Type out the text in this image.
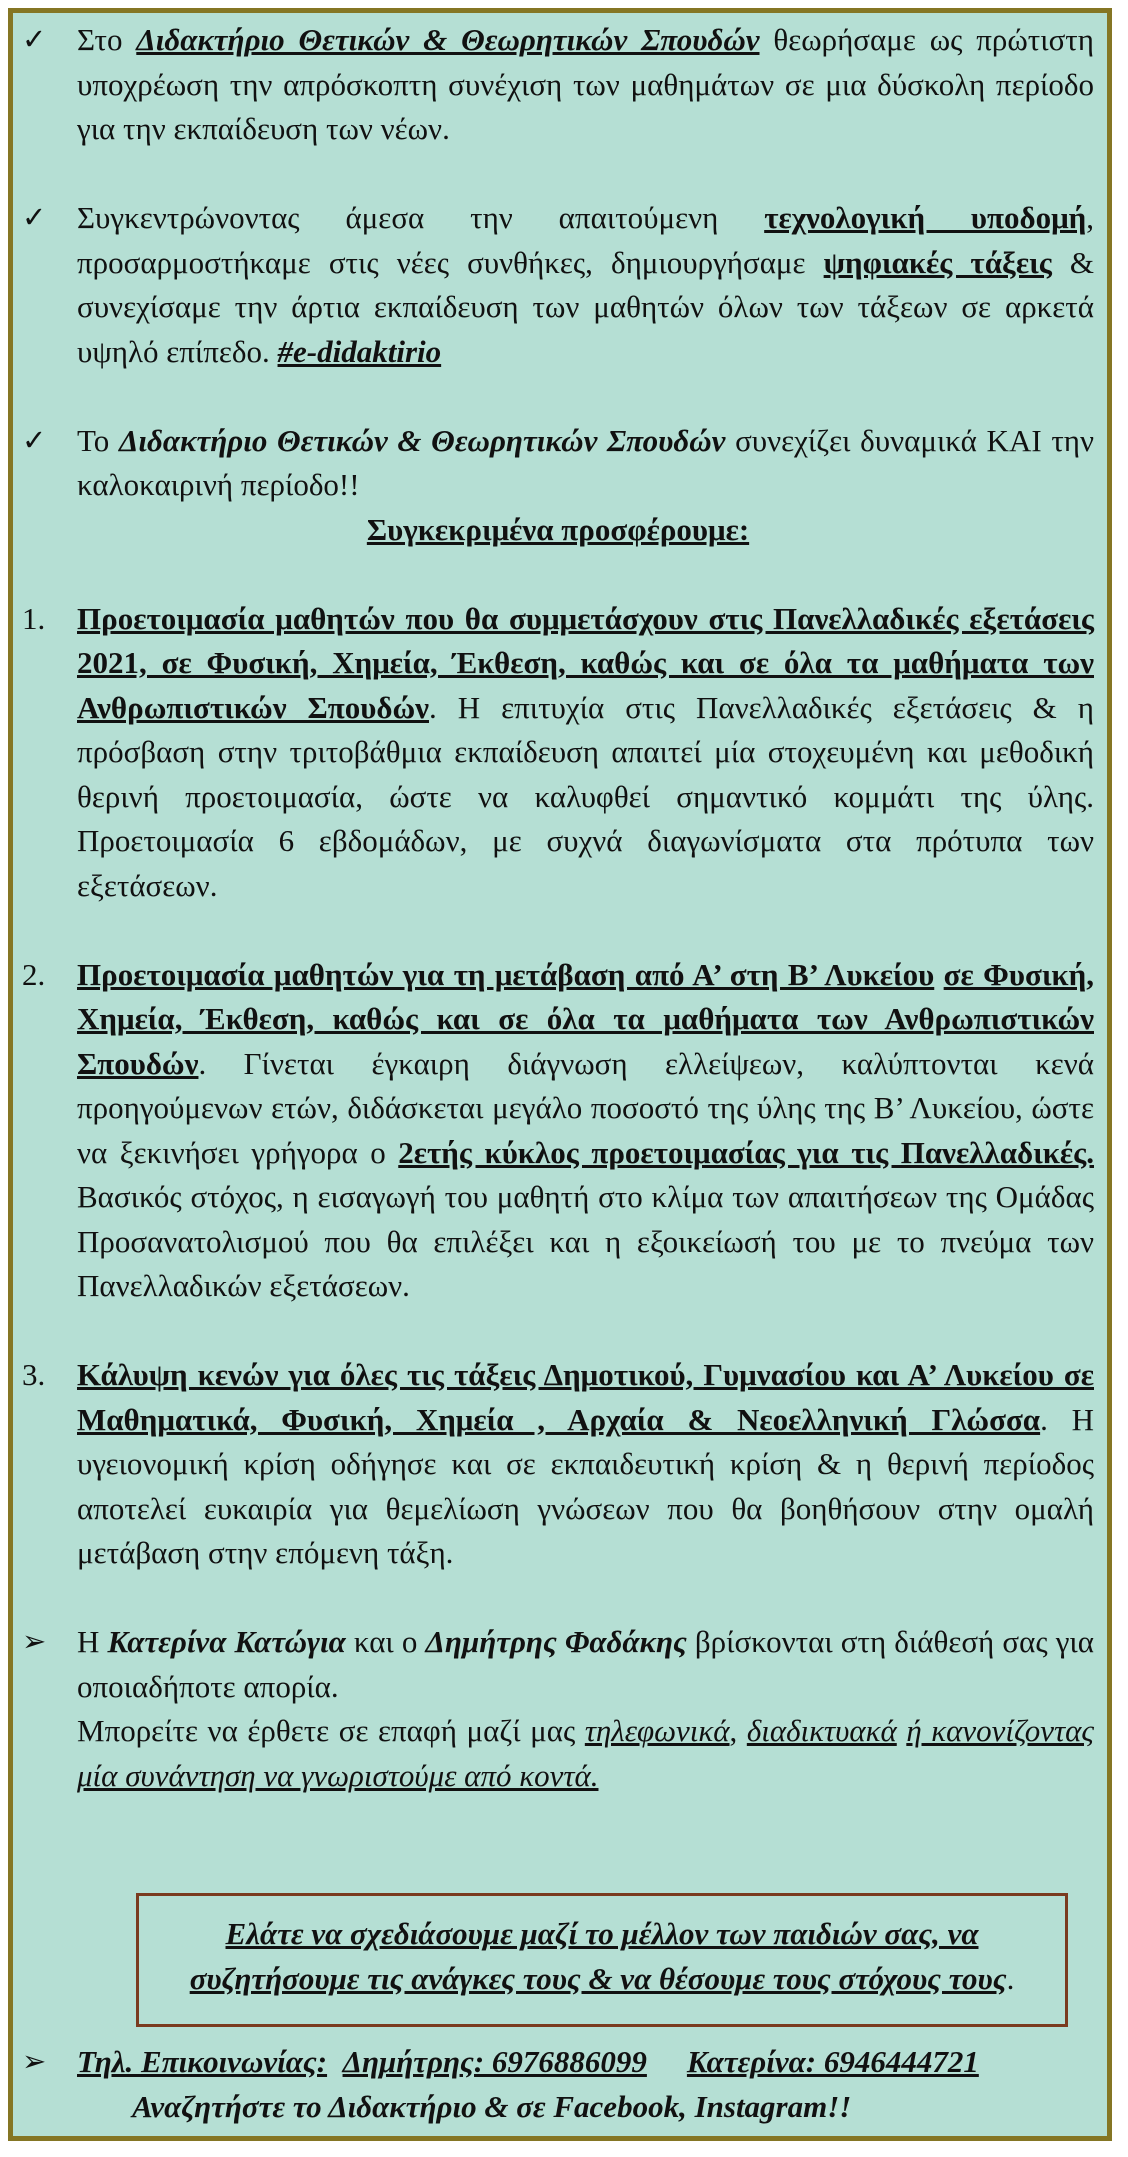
✓ Στο Διδακτήριο Θετικών & Θεωρητικών Σπουδών θεωρήσαμε ως πρώτιστη υποχρέωση την απρόσκοπτη συνέχιση των μαθημάτων σε μια δύσκολη περίοδο για την εκπαίδευση των νέων.

✓ Συγκεντρώνοντας άμεσα την απαιτούμενη τεχνολογική υποδομή, προσαρμοστήκαμε στις νέες συνθήκες, δημιουργήσαμε ψηφιακές τάξεις & συνεχίσαμε την άρτια εκπαίδευση των μαθητών όλων των τάξεων σε αρκετά υψηλό επίπεδο. #e-didaktirio

✓ Το Διδακτήριο Θετικών & Θεωρητικών Σπουδών συνεχίζει δυναμικά ΚΑΙ την καλοκαιρινή περίοδο!!

Συγκεκριμένα προσφέρουμε:
1. Προετοιμασία μαθητών που θα συμμετάσχουν στις Πανελλαδικές εξετάσεις 2021, σε Φυσική, Χημεία, Έκθεση, καθώς και σε όλα τα μαθήματα των Ανθρωπιστικών Σπουδών. Η επιτυχία στις Πανελλαδικές εξετάσεις & η πρόσβαση στην τριτοβάθμια εκπαίδευση απαιτεί μία στοχευμένη και μεθοδική θερινή προετοιμασία, ώστε να καλυφθεί σημαντικό κομμάτι της ύλης. Προετοιμασία 6 εβδομάδων, με συχνά διαγωνίσματα στα πρότυπα των εξετάσεων.

2. Προετοιμασία μαθητών για τη μετάβαση από Α’ στη Β’ Λυκείου σε Φυσική, Χημεία, Έκθεση, καθώς και σε όλα τα μαθήματα των Ανθρωπιστικών Σπουδών. Γίνεται έγκαιρη διάγνωση ελλείψεων, καλύπτονται κενά προηγούμενων ετών, διδάσκεται μεγάλο ποσοστό της ύλης της Β’ Λυκείου, ώστε να ξεκινήσει γρήγορα ο 2ετής κύκλος προετοιμασίας για τις Πανελλαδικές. Βασικός στόχος, η εισαγωγή του μαθητή στο κλίμα των απαιτήσεων της Ομάδας Προσανατολισμού που θα επιλέξει και η εξοικείωσή του με το πνεύμα των Πανελλαδικών εξετάσεων.

3. Κάλυψη κενών για όλες τις τάξεις Δημοτικού, Γυμνασίου και Α’ Λυκείου σε Μαθηματικά, Φυσική, Χημεία , Αρχαία & Νεοελληνική Γλώσσα. Η υγειονομική κρίση οδήγησε και σε εκπαιδευτική κρίση & η θερινή περίοδος αποτελεί ευκαιρία για θεμελίωση γνώσεων που θα βοηθήσουν στην ομαλή μετάβαση στην επόμενη τάξη.

➢ Η Κατερίνα Κατώγια και ο Δημήτρης Φαδάκης βρίσκονται στη διάθεσή σας για οποιαδήποτε απορία.

Μπορείτε να έρθετε σε επαφή μαζί μας τηλεφωνικά, διαδικτυακά ή κανονίζοντας μία συνάντηση να γνωριστούμε από κοντά.

Ελάτε να σχεδιάσουμε μαζί το μέλλον των παιδιών σας, να συζητήσουμε τις ανάγκες τους & να θέσουμε τους στόχους τους.
➢ Τηλ. Επικοινωνίας: Δημήτρης: 6976886099 Κατερίνα: 6946444721

Αναζητήστε το Διδακτήριο & σε Facebook, Instagram!!
